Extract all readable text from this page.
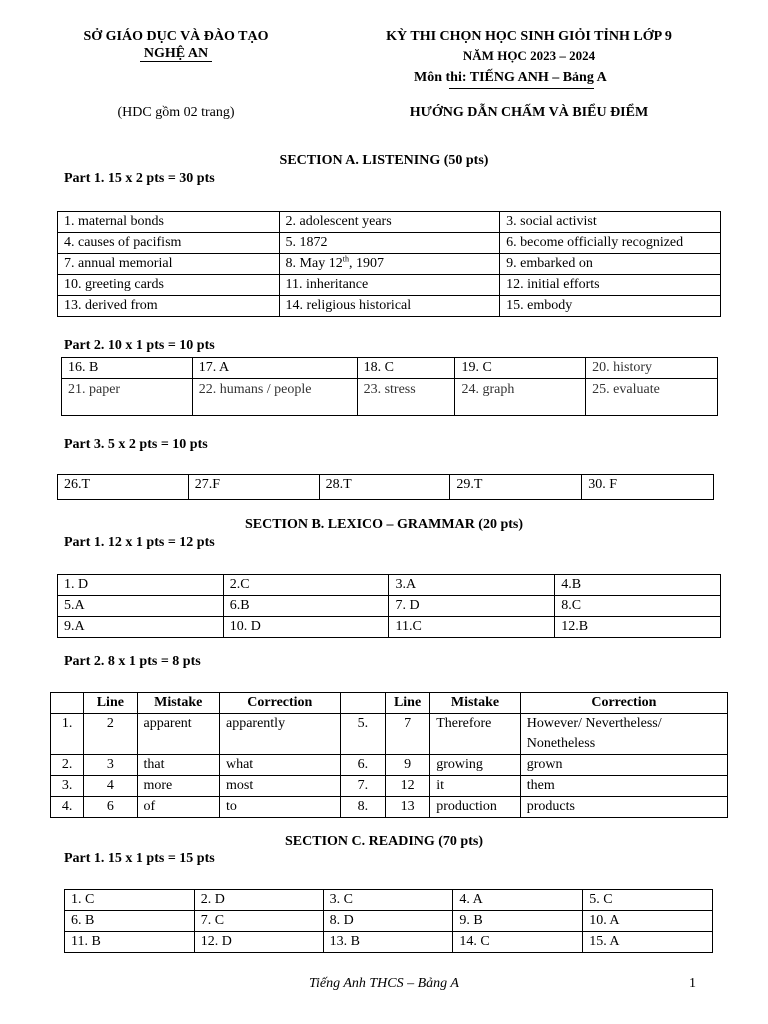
SỞ GIÁO DỤC VÀ ĐÀO TẠO
NGHỆ AN
KỲ THI CHỌN HỌC SINH GIỎI TỈNH LỚP 9
NĂM HỌC 2023 – 2024
Môn thi: TIẾNG ANH – Bảng A
(HDC gồm 02 trang)	HƯỚNG DẪN CHẤM VÀ BIỂU ĐIỂM
SECTION A. LISTENING (50 pts)
Part 1. 15 x 2 pts = 30 pts
1. maternal bonds	2. adolescent years	3. social activist
4. causes of pacifism	5. 1872	6. become officially recognized
7. annual memorial	8. May 12th, 1907	9. embarked on
10. greeting cards	11. inheritance	12. initial efforts
13. derived from	14. religious historical	15. embody
Part 2. 10 x 1 pts = 10 pts
16. B	17. A	18. C	19. C	20. history
21. paper	22. humans / people	23. stress	24. graph	25. evaluate
Part 3. 5 x 2 pts = 10 pts
26.T	27.F	28.T	29.T	30. F
SECTION B. LEXICO – GRAMMAR (20 pts)
Part 1. 12 x 1 pts = 12 pts
1. D	2.C	3.A	4.B
5.A	6.B	7. D	8.C
9.A	10. D	11.C	12.B
Part 2. 8 x 1 pts = 8 pts
	Line	Mistake	Correction		Line	Mistake	Correction
1.	2	apparent	apparently	5.	7	Therefore	However/ Nevertheless/
Nonetheless

2.	3	that	what	6.	9	growing	grown
3.	4	more	most	7.	12	it	them
4.	6	of	to	8.	13	production	products
SECTION C. READING (70 pts)
Part 1. 15 x 1 pts = 15 pts
1. C	2. D	3. C	4. A	5. C
6. B	7. C	8. D	9. B	10. A
11. B	12. D	13. B	14. C	15. A
Tiếng Anh THCS – Bảng A	1
